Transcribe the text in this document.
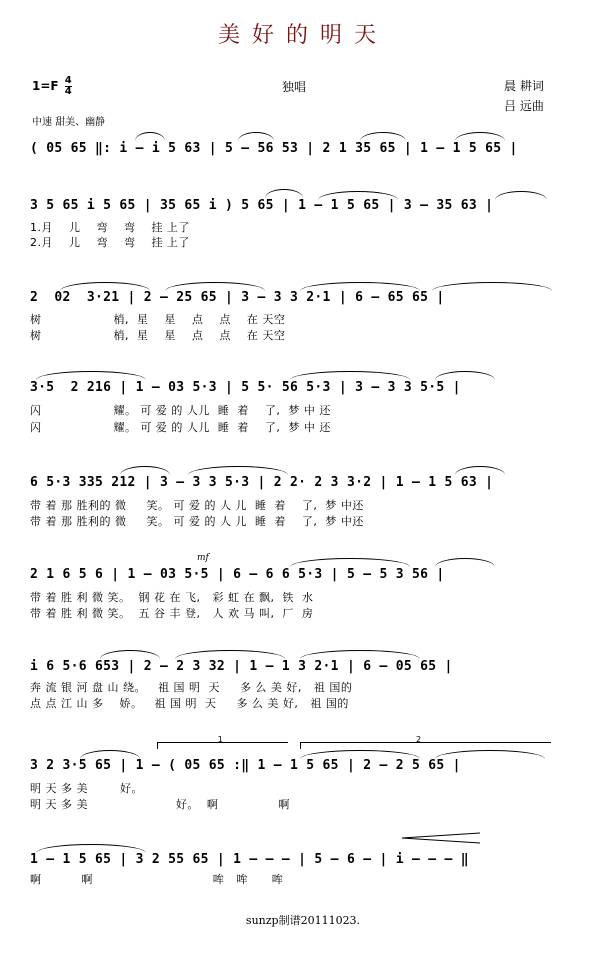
美好的明天
$1=F \frac{4}{4}$	独唱	晨 耕词
吕 远曲
中速 甜美、幽静
( 05 65 ‖: i – i 5 63 | 5 – 56 53 | 2 1 35 65 | 1 – 1 5 65 |
3 5 65 i 5 65 | 35 65 i ) 5 65 | 1 – 1 5 65 | 3 – 35 63 |
1.月    儿    弯    弯    挂 上了
2.月    儿    弯    弯    挂 上了
2  02  3·21 | 2 – 25 65 | 3 – 3 3 2·1 | 6 – 65 65 |
树                  梢,  星    星    点    点    在 天空
树                  梢,  星    星    点    点    在 天空
3·5  2 216 | 1 – 03 5·3 | 5 5· 56 5·3 | 3 – 3 3 5·5 |
闪                  耀。 可 爱 的 人儿  睡  着    了,  梦 中 还
闪                  耀。 可 爱 的 人儿  睡  着    了,  梦 中 还
6 5·3 335 212 | 3 – 3 3 5·3 | 2 2· 2 3 3·2 | 1 – 1 5 63 |
带 着 那 胜利的 微     笑。 可 爱 的 人 儿  睡  着    了,  梦 中还
带 着 那 胜利的 微     笑。 可 爱 的 人 儿  睡  着    了,  梦 中还
mf
2 1 6 5 6 | 1 – 03 5·5 | 6 – 6 6 5·3 | 5 – 5 3 56 |
带 着 胜 利 微 笑。  钢 花 在 飞,   彩 虹 在 飘,  铁  水
带 着 胜 利 微 笑。  五 谷 丰 登,   人 欢 马 叫,  厂  房
i 6 5·6 653 | 2 – 2 3 32 | 1 – 1 3 2·1 | 6 – 05 65 |
奔 流 银 河 盘 山 绕。   祖 国 明  天     多 么 美 好,   祖 国的
点 点 江 山 多    娇。   祖 国 明  天     多 么 美 好,   祖 国的
1	2
3 2 3·5 65 | 1 – ( 05 65 :‖ 1 – 1 5 65 | 2 – 2 5 65 |
明 天 多 美        好。
明 天 多 美                      好。  啊               啊
1 – 1 5 65 | 3 2 55 65 | 1 – – – | 5 – 6 – | i – – – ‖
啊          啊                              哞   哞      哞
sunzp制谱20111023.
